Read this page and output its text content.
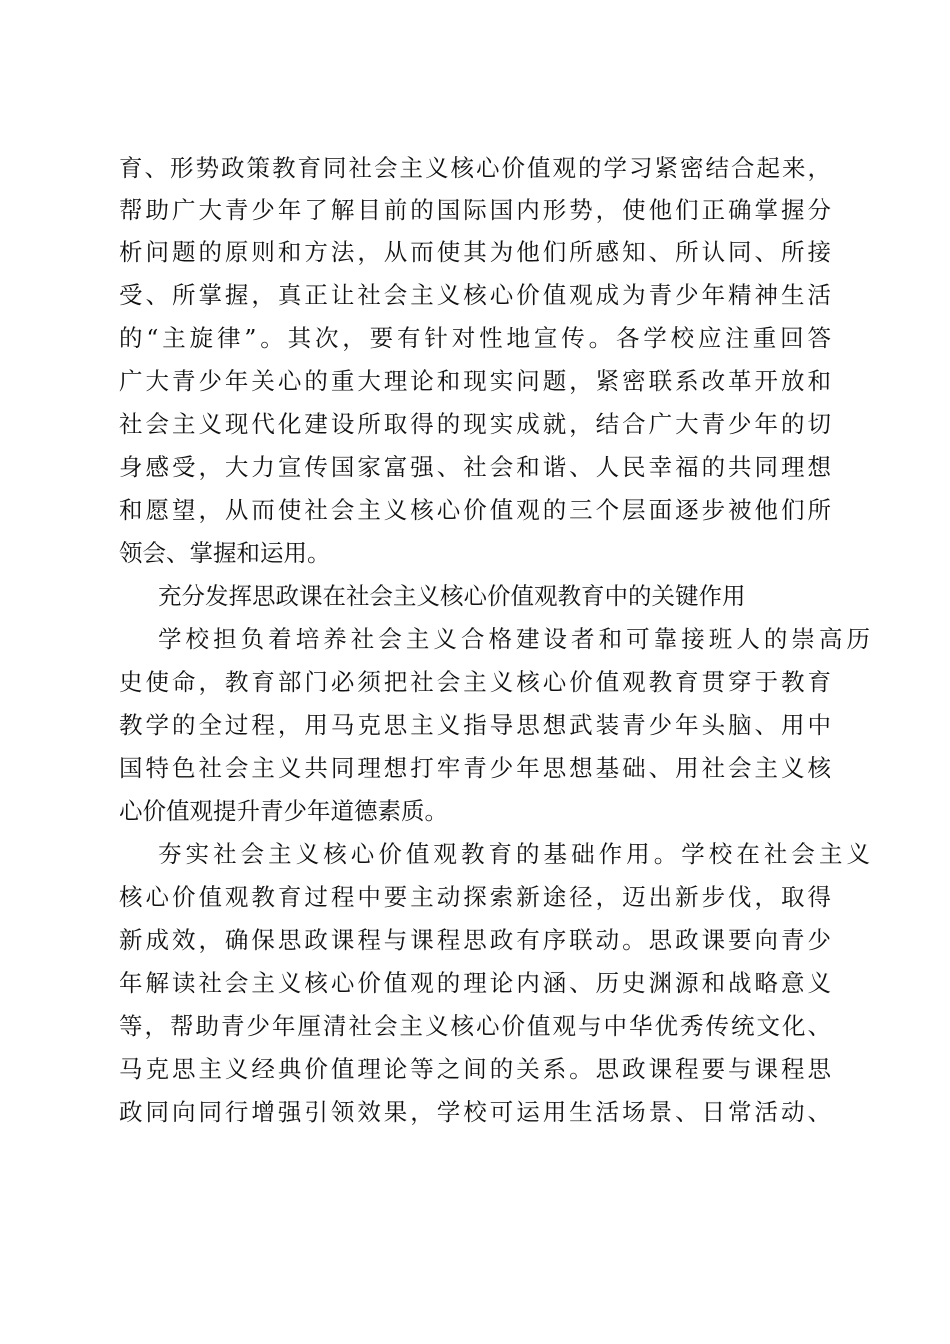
育、形势政策教育同社会主义核心价值观的学习紧密结合起来，
帮助广大青少年了解目前的国际国内形势，使他们正确掌握分
析问题的原则和方法，从而使其为他们所感知、所认同、所接
受、所掌握，真正让社会主义核心价值观成为青少年精神生活
的“主旋律”。其次，要有针对性地宣传。各学校应注重回答
广大青少年关心的重大理论和现实问题，紧密联系改革开放和
社会主义现代化建设所取得的现实成就，结合广大青少年的切
身感受，大力宣传国家富强、社会和谐、人民幸福的共同理想
和愿望，从而使社会主义核心价值观的三个层面逐步被他们所
领会、掌握和运用。
充分发挥思政课在社会主义核心价值观教育中的关键作用
学校担负着培养社会主义合格建设者和可靠接班人的崇高历
史使命，教育部门必须把社会主义核心价值观教育贯穿于教育
教学的全过程，用马克思主义指导思想武装青少年头脑、用中
国特色社会主义共同理想打牢青少年思想基础、用社会主义核
心价值观提升青少年道德素质。
夯实社会主义核心价值观教育的基础作用。学校在社会主义
核心价值观教育过程中要主动探索新途径，迈出新步伐，取得
新成效，确保思政课程与课程思政有序联动。思政课要向青少
年解读社会主义核心价值观的理论内涵、历史渊源和战略意义
等，帮助青少年厘清社会主义核心价值观与中华优秀传统文化、
马克思主义经典价值理论等之间的关系。思政课程要与课程思
政同向同行增强引领效果，学校可运用生活场景、日常活动、
